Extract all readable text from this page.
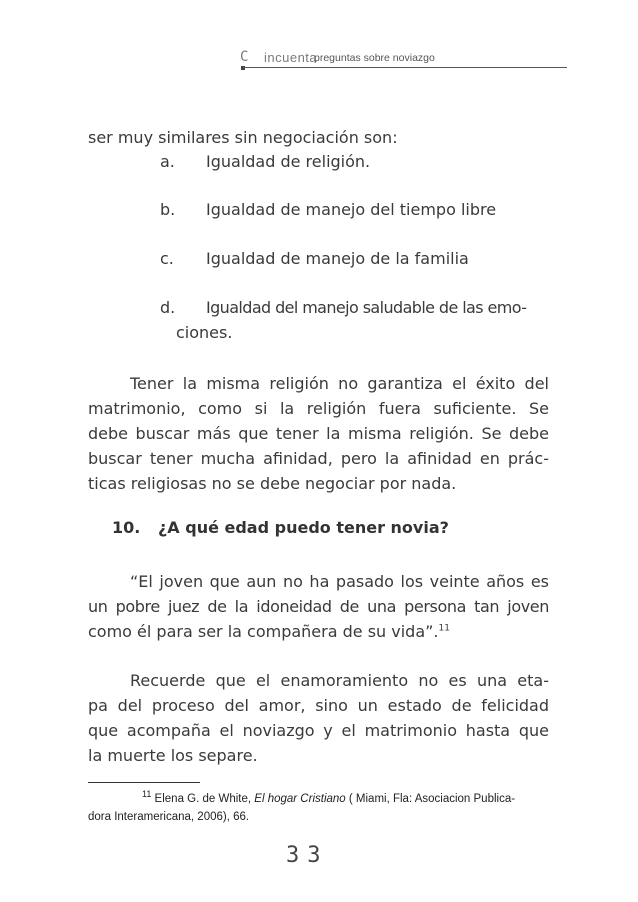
C incuenta
preguntas sobre noviazgo
ser muy similares sin negociación son:
a. Igualdad de religión.
b. Igualdad de manejo del tiempo libre
c. Igualdad de manejo de la familia
d. Igualdad del manejo saludable de las emo-
ciones.
Tener la misma religión no garantiza el éxito del
matrimonio, como si la religión fuera suficiente. Se
debe buscar más que tener la misma religión. Se debe
buscar tener mucha afinidad, pero la afinidad en prác-
ticas religiosas no se debe negociar por nada.
10. ¿A qué edad puedo tener novia?
“El joven que aun no ha pasado los veinte años es
un pobre juez de la idoneidad de una persona tan joven
como él para ser la compañera de su vida”.$^{11}$
Recuerde que el enamoramiento no es una eta-
pa del proceso del amor, sino un estado de felicidad
que acompaña el noviazgo y el matrimonio hasta que
la muerte los separe.
$^{11}$ Elena G. de White, El hogar Cristiano ( Miami, Fla: Asociacion Publica-
dora Interamericana, 2006), 66.
33
